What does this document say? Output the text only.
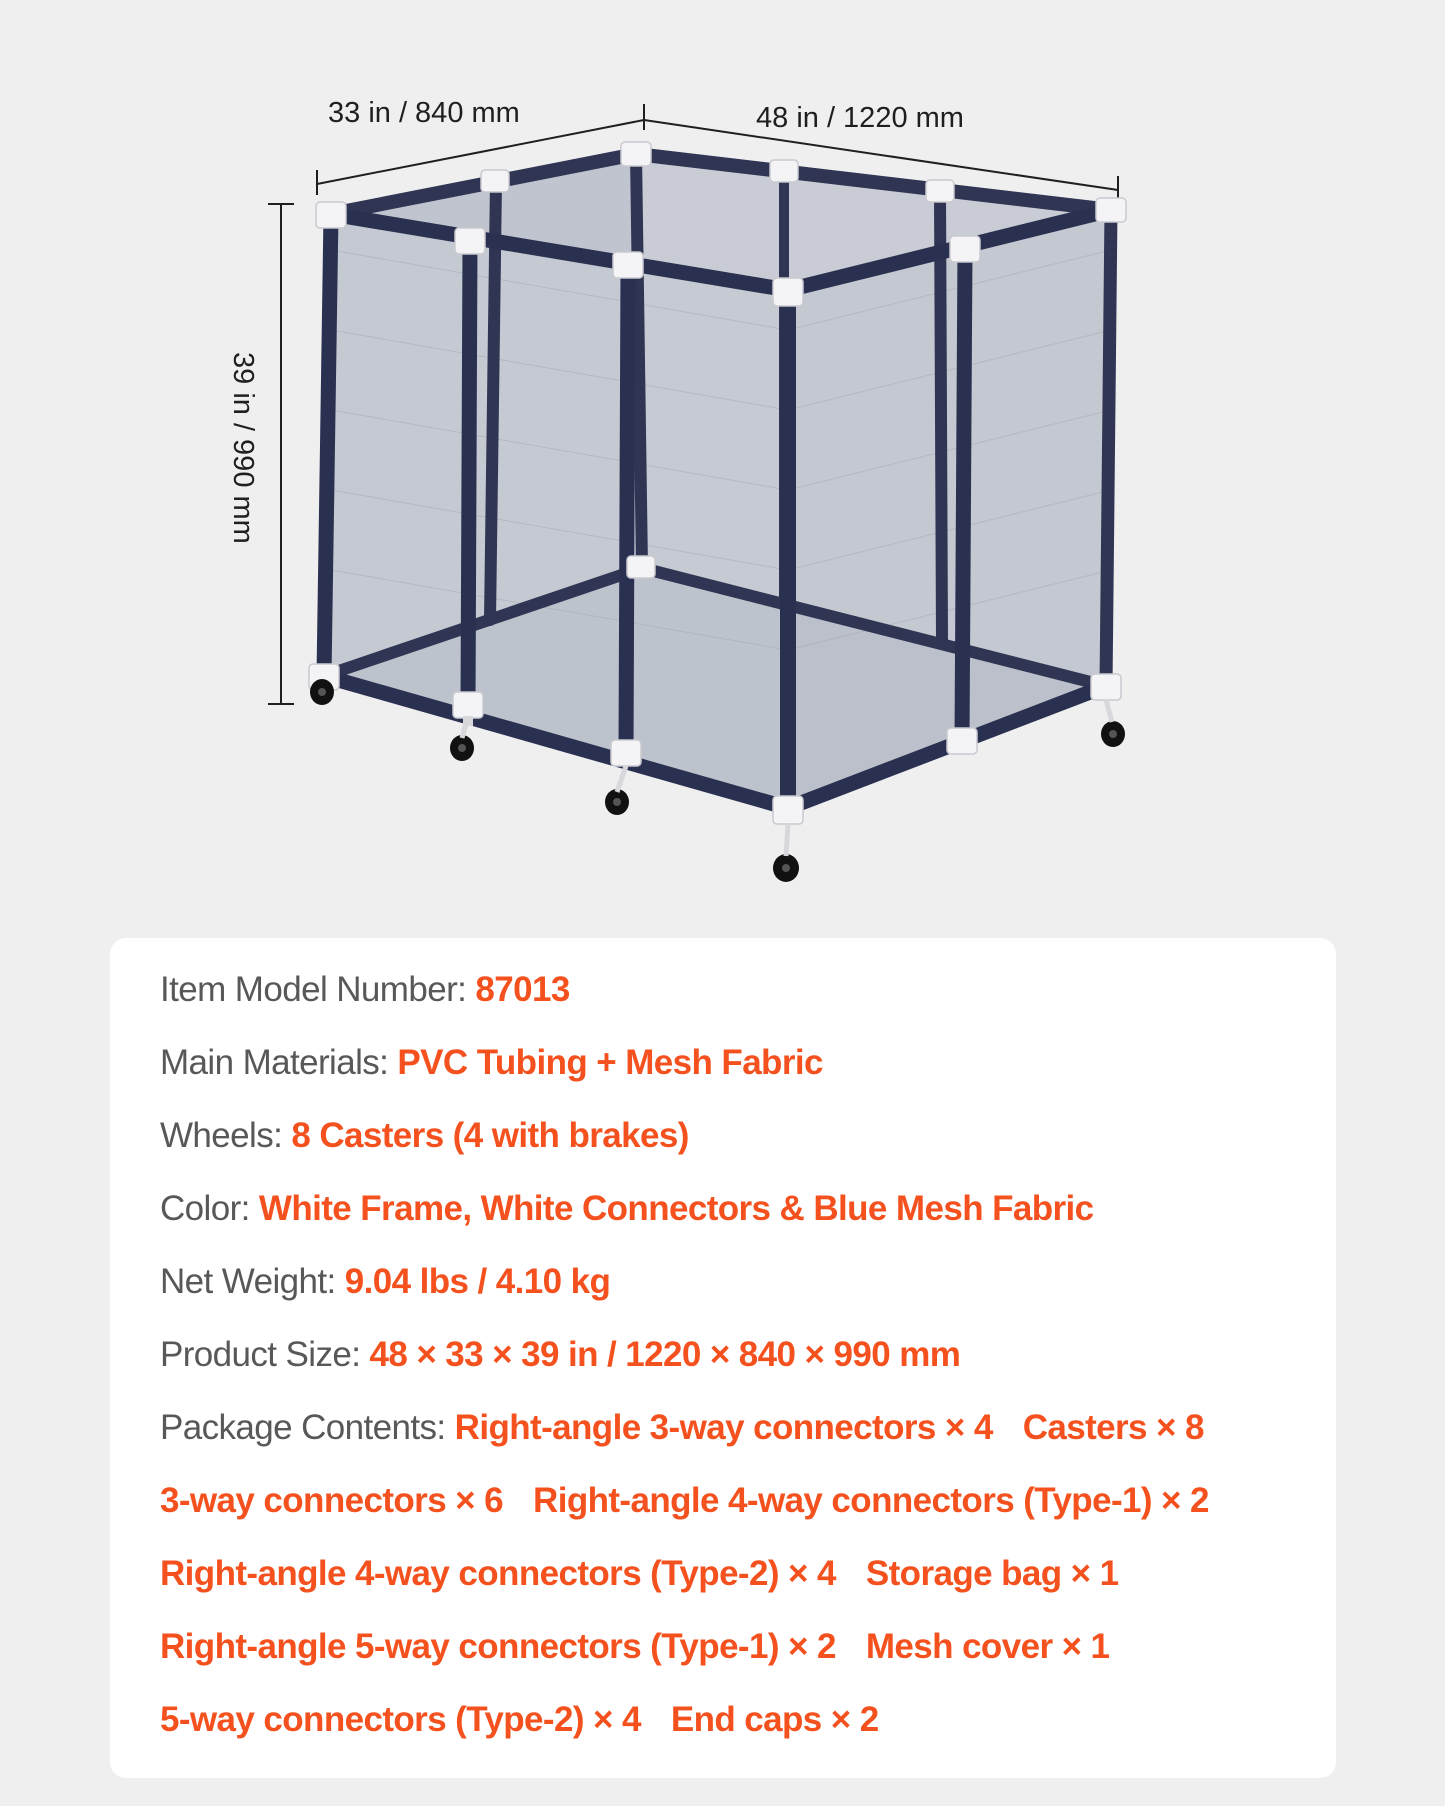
33 in / 840 mm	48 in / 1220 mm
39 in / 990 mm
Item Model Number: 87013
Main Materials: PVC Tubing + Mesh Fabric
Wheels: 8 Casters (4 with brakes)
Color: White Frame, White Connectors & Blue Mesh Fabric
Net Weight: 9.04 lbs / 4.10 kg
Product Size: 48 × 33 × 39 in / 1220 × 840 × 990 mm
Package Contents: Right-angle 3-way connectors × 4 Casters × 8
3-way connectors × 6 Right-angle 4-way connectors (Type-1) × 2
Right-angle 4-way connectors (Type-2) × 4 Storage bag × 1
Right-angle 5-way connectors (Type-1) × 2 Mesh cover × 1
5-way connectors (Type-2) × 4 End caps × 2
